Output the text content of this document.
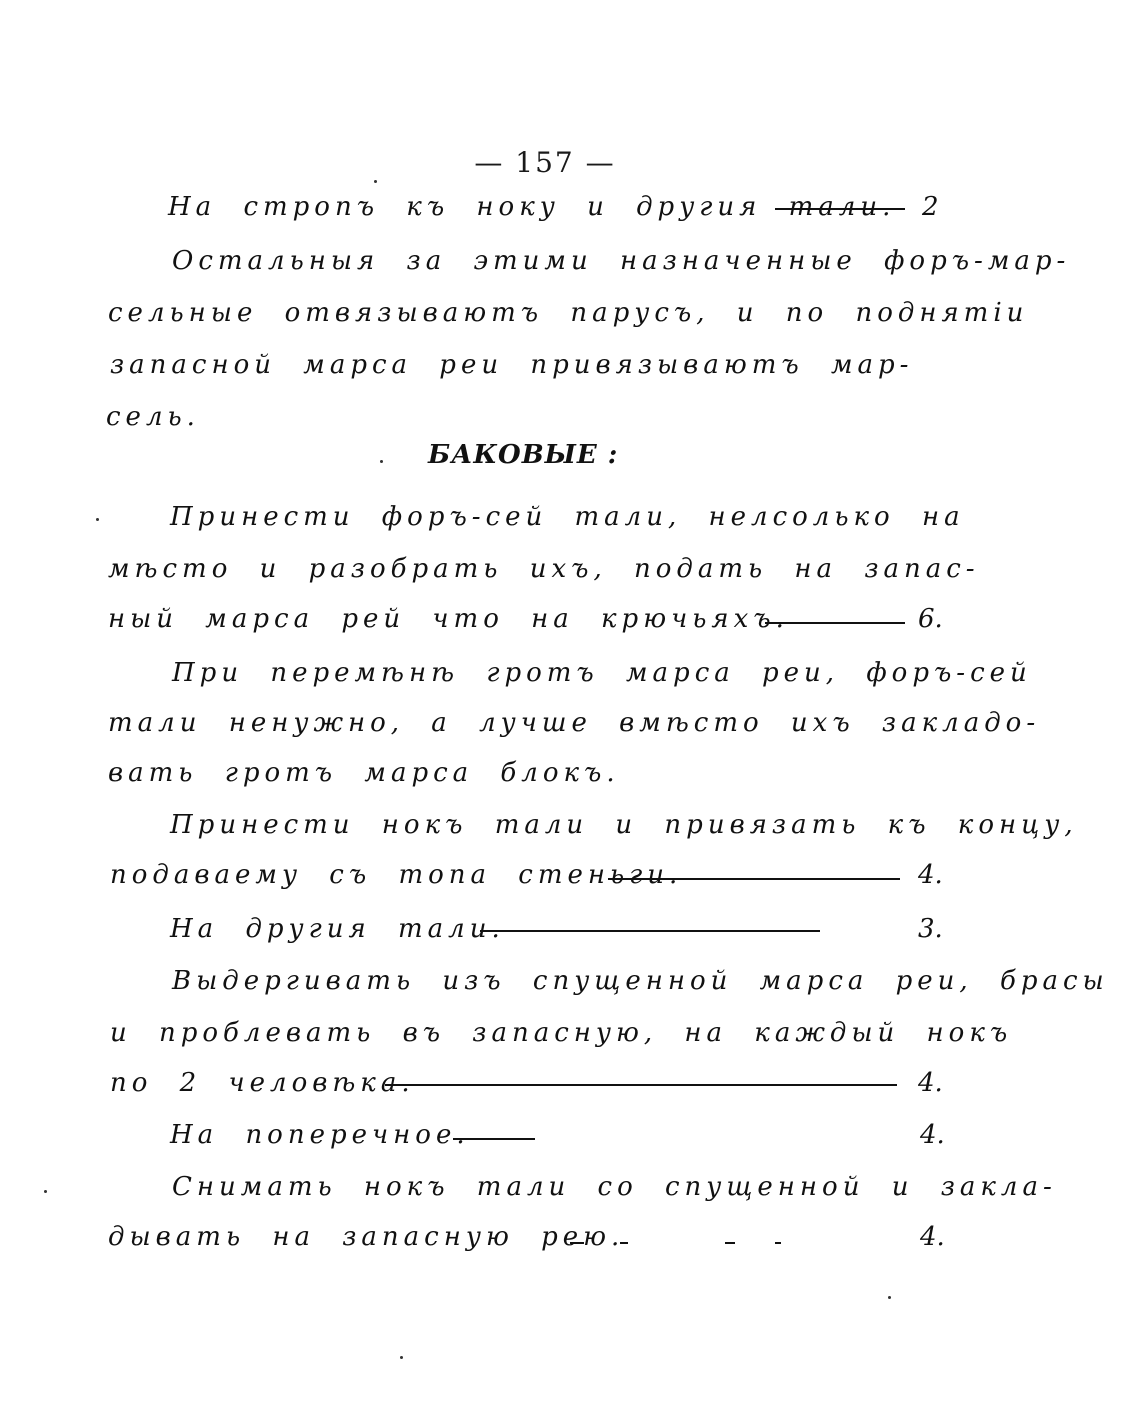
— 157 —
На стропъ къ ноку и другия тали. 2
Остальныя за этими назначенные форъ-мар-
сельные отвязываютъ парусъ, и по поднятіи
запасной марса реи привязываютъ мар-
сель.
БАКОВЫЕ :
Принести форъ-сей тали, нелсолько на
мѣсто и разобрать ихъ, подать на запас-
ный марса рей что на крючьяхъ.	6.
При перемѣнѣ гротъ марса реи, форъ-сей
тали ненужно, а лучше вмѣсто ихъ закладо-
вать гротъ марса блокъ.
Принести нокъ тали и привязать къ концу,
подаваему съ топа стеньги.	4.
На другия тали.	3.
Выдергивать изъ спущенной марса реи, брасы
и проблевать въ запасную, на каждый нокъ
по 2 человѣка.	4.
На поперечное.	4.
Снимать нокъ тали со спущенной и закла-
дывать на запасную рею.	4.
